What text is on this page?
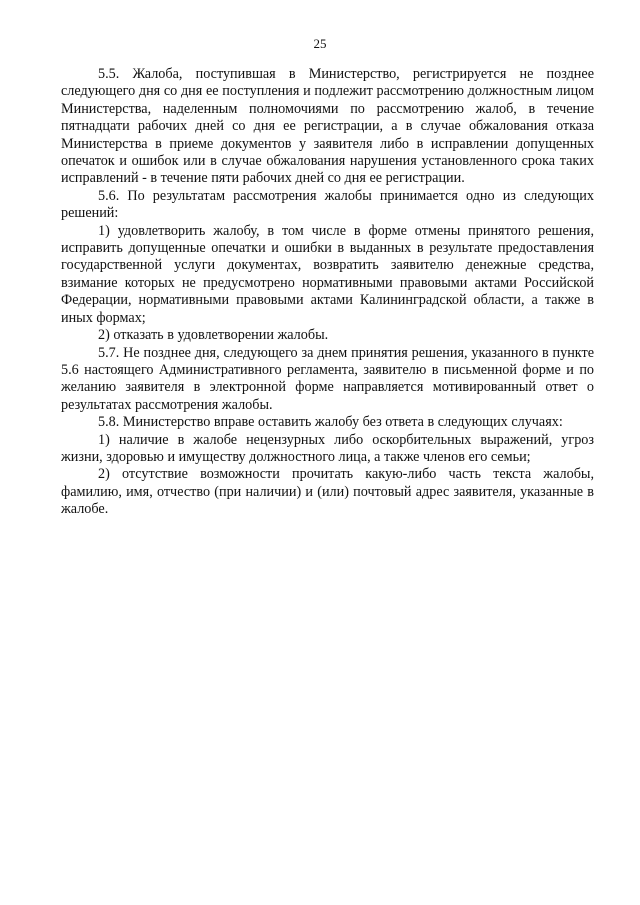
25

5.5. Жалоба, поступившая в Министерство, регистрируется не позднее следующего дня со дня ее поступления и подлежит рассмотрению должностным лицом Министерства, наделенным полномочиями по рассмотрению жалоб, в течение пятнадцати рабочих дней со дня ее регистрации, а в случае обжалования отказа Министерства в приеме документов у заявителя либо в исправлении допущенных опечаток и ошибок или в случае обжалования нарушения установленного срока таких исправлений - в течение пяти рабочих дней со дня ее регистрации.

5.6. По результатам рассмотрения жалобы принимается одно из следующих решений:

1) удовлетворить жалобу, в том числе в форме отмены принятого решения, исправить допущенные опечатки и ошибки в выданных в результате предоставления государственной услуги документах, возвратить заявителю денежные средства, взимание которых не предусмотрено нормативными правовыми актами Российской Федерации, нормативными правовыми актами Калининградской области, а также в иных формах;

2) отказать в удовлетворении жалобы.

5.7. Не позднее дня, следующего за днем принятия решения, указанного в пункте 5.6 настоящего Административного регламента, заявителю в письменной форме и по желанию заявителя в электронной форме направляется мотивированный ответ о результатах рассмотрения жалобы.

5.8. Министерство вправе оставить жалобу без ответа в следующих случаях:

1) наличие в жалобе нецензурных либо оскорбительных выражений, угроз жизни, здоровью и имуществу должностного лица, а также членов его семьи;

2) отсутствие возможности прочитать какую-либо часть текста жалобы, фамилию, имя, отчество (при наличии) и (или) почтовый адрес заявителя, указанные в жалобе.
